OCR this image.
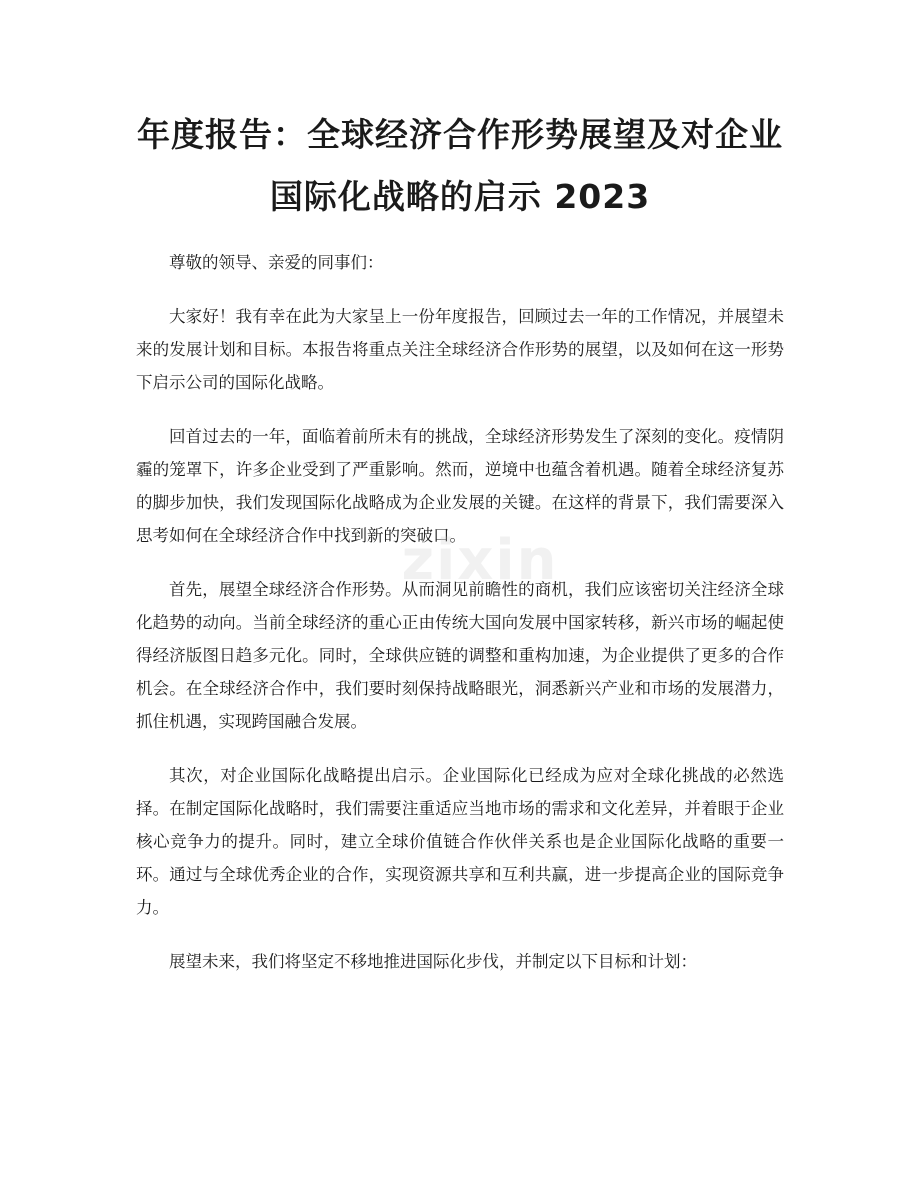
年度报告：全球经济合作形势展望及对企业
国际化战略的启示 2023

尊敬的领导、亲爱的同事们：

大家好！我有幸在此为大家呈上一份年度报告，回顾过去一年的工作情况，并展望未来的发展计划和目标。本报告将重点关注全球经济合作形势的展望，以及如何在这一形势下启示公司的国际化战略。

回首过去的一年，面临着前所未有的挑战，全球经济形势发生了深刻的变化。疫情阴霾的笼罩下，许多企业受到了严重影响。然而，逆境中也蕴含着机遇。随着全球经济复苏的脚步加快，我们发现国际化战略成为企业发展的关键。在这样的背景下，我们需要深入思考如何在全球经济合作中找到新的突破口。

首先，展望全球经济合作形势。从而洞见前瞻性的商机，我们应该密切关注经济全球化趋势的动向。当前全球经济的重心正由传统大国向发展中国家转移，新兴市场的崛起使得经济版图日趋多元化。同时，全球供应链的调整和重构加速，为企业提供了更多的合作机会。在全球经济合作中，我们要时刻保持战略眼光，洞悉新兴产业和市场的发展潜力，抓住机遇，实现跨国融合发展。

其次，对企业国际化战略提出启示。企业国际化已经成为应对全球化挑战的必然选择。在制定国际化战略时，我们需要注重适应当地市场的需求和文化差异，并着眼于企业核心竞争力的提升。同时，建立全球价值链合作伙伴关系也是企业国际化战略的重要一环。通过与全球优秀企业的合作，实现资源共享和互利共赢，进一步提高企业的国际竞争力。

展望未来，我们将坚定不移地推进国际化步伐，并制定以下目标和计划：

zixin
